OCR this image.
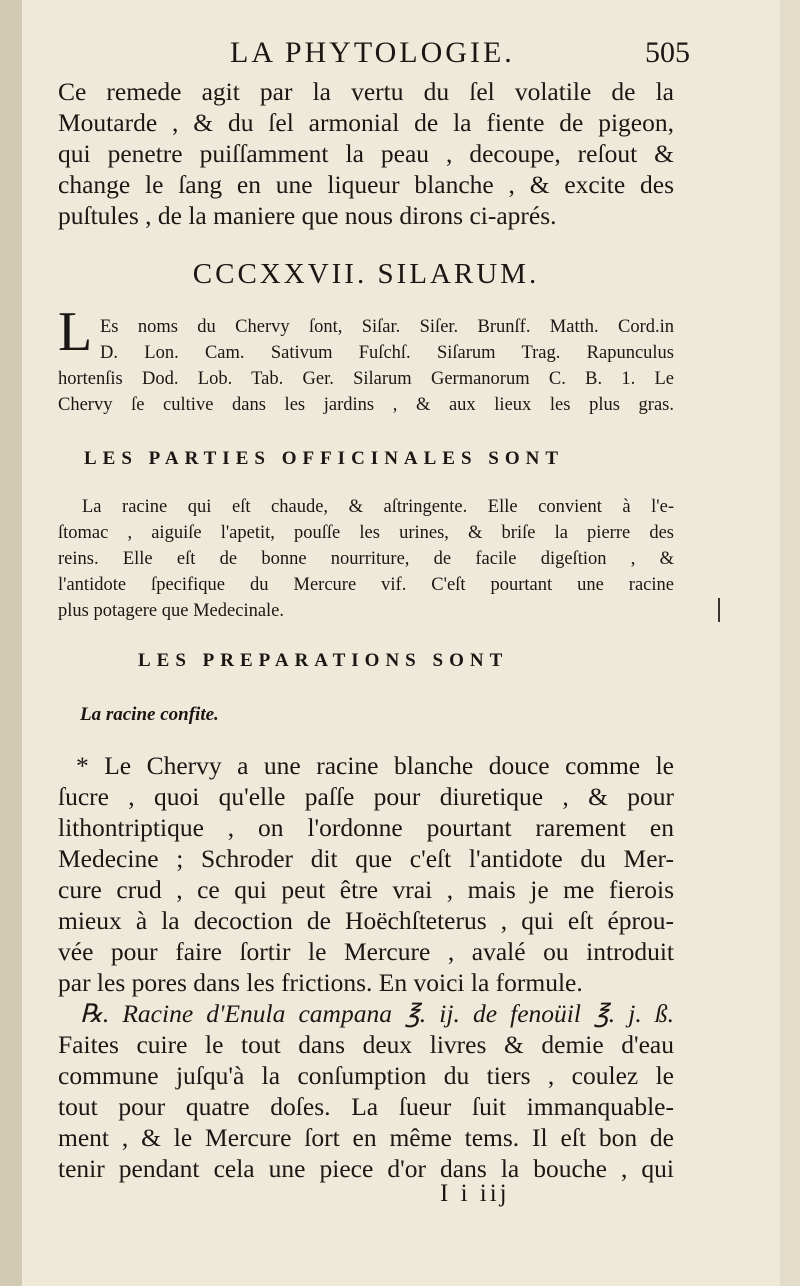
LA PHYTOLOGIE.	505
Ce remede agit par la vertu du ſel volatile de la
Moutarde , & du ſel armonial de la fiente de pigeon,
qui penetre puiſſamment la peau , decoupe, reſout &
change le ſang en une liqueur blanche , & excite des
puſtules , de la maniere que nous dirons ci-aprés.
CCCXXVII. SILARUM.
L Es noms du Chervy ſont, Siſar. Siſer. Brunſf. Matth. Cord.in
D. Lon. Cam. Sativum Fuſchſ. Siſarum Trag. Rapunculus
hortenſis Dod. Lob. Tab. Ger. Silarum Germanorum C. B. 1. Le
Chervy ſe cultive dans les jardins , & aux lieux les plus gras.
LES PARTIES OFFICINALES SONT
La racine qui eſt chaude, & aſtringente. Elle convient à l'e-
ſtomac , aiguiſe l'apetit, pouſſe les urines, & briſe la pierre des
reins. Elle eſt de bonne nourriture, de facile digeſtion , &
l'antidote ſpecifique du Mercure vif. C'eſt pourtant une racine
plus potagere que Medecinale.
LES PREPARATIONS SONT
La racine confite.
* Le Chervy a une racine blanche douce comme le
ſucre , quoi qu'elle paſſe pour diuretique , & pour
lithontriptique , on l'ordonne pourtant rarement en
Medecine ; Schroder dit que c'eſt l'antidote du Mer-
cure crud , ce qui peut être vrai , mais je me fierois
mieux à la decoction de Hoëchſteterus , qui eſt éprou-
vée pour faire ſortir le Mercure , avalé ou introduit
par les pores dans les frictions. En voici la formule.
℞. Racine d'Enula campana ℥. ij. de fenoüil ℥. j. ß.
Faites cuire le tout dans deux livres & demie d'eau
commune juſqu'à la conſumption du tiers , coulez le
tout pour quatre doſes. La ſueur ſuit immanquable-
ment , & le Mercure ſort en même tems. Il eſt bon de
tenir pendant cela une piece d'or dans la bouche , qui
I i iij
